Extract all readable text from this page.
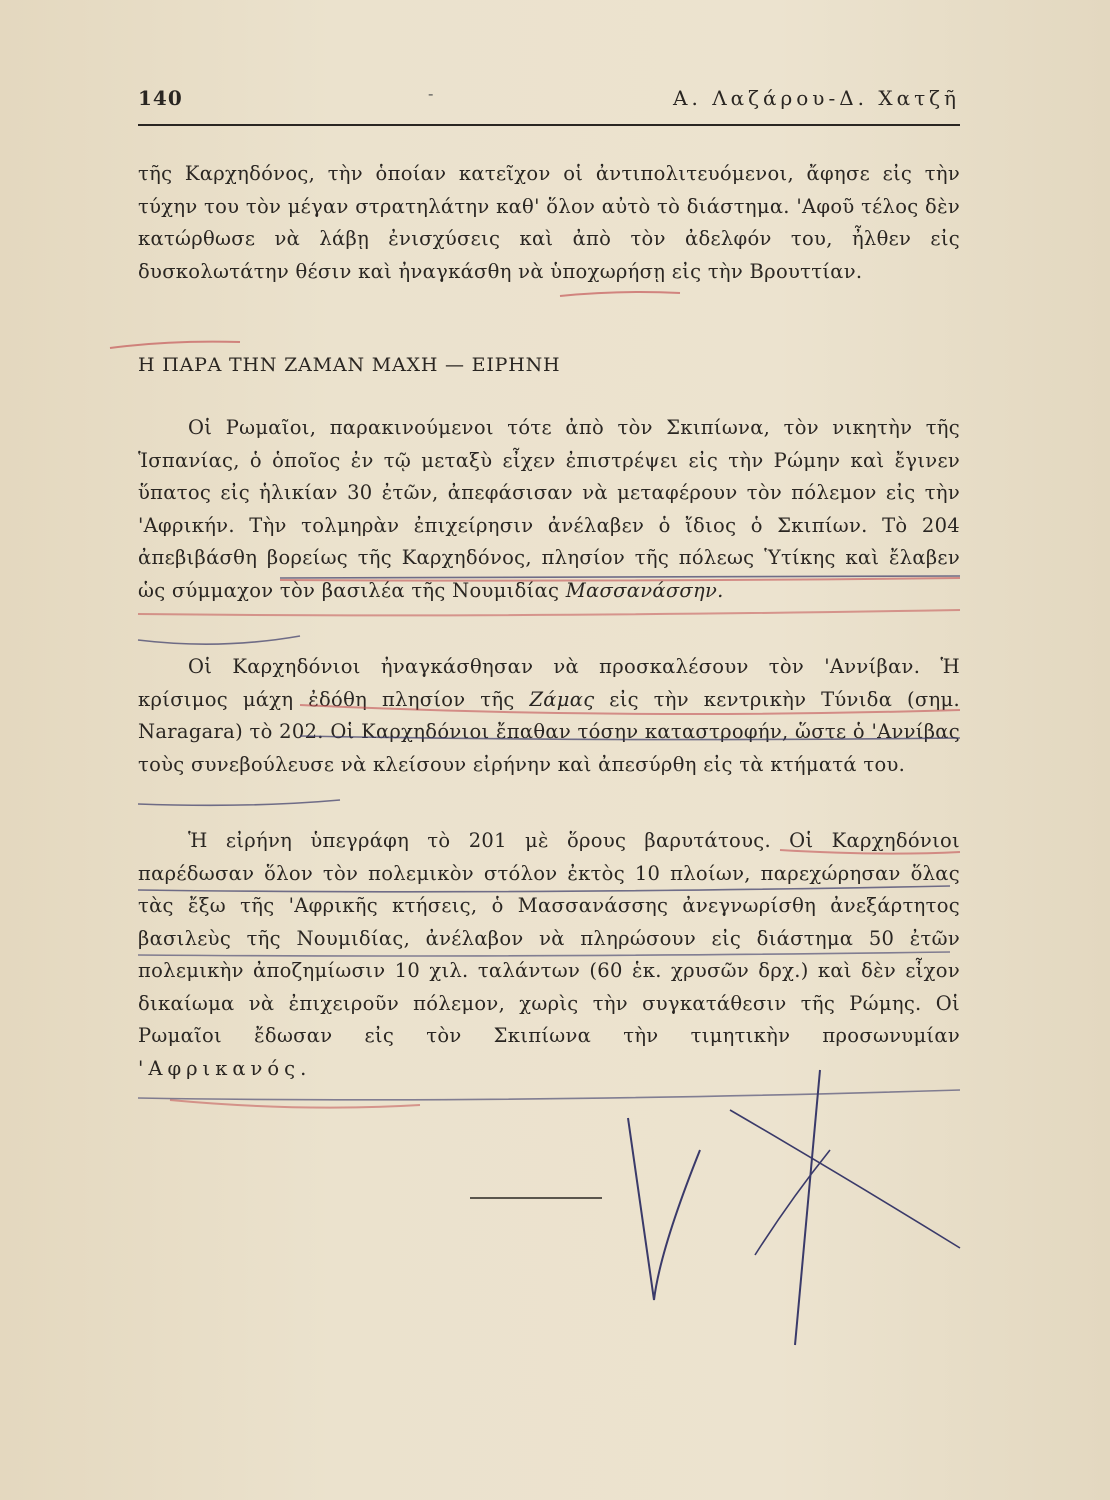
140	-	Α. Λαζάρου-Δ. Χατζῆ

τῆς Καρχηδόνος, τὴν ὁποίαν κατεῖχον οἱ ἀντιπολιτευόμενοι, ἄφησε εἰς τὴν τύχην του τὸν μέγαν στρατηλάτην καθ' ὅλον αὐτὸ τὸ διάστημα. 'Αφοῦ τέλος δὲν κατώρθωσε νὰ λάβῃ ἐνισχύσεις καὶ ἀπὸ τὸν ἀδελφόν του, ἦλθεν εἰς δυσκολωτάτην θέσιν καὶ ἠναγκάσθη νὰ ὑποχωρήσῃ εἰς τὴν Βρουττίαν.

Η ΠΑΡΑ ΤΗΝ ΖΑΜΑΝ ΜΑΧΗ — ΕΙΡΗΝΗ

Οἱ Ρωμαῖοι, παρακινούμενοι τότε ἀπὸ τὸν Σκιπίωνα, τὸν νικητὴν τῆς Ἱσπανίας, ὁ ὁποῖος ἐν τῷ μεταξὺ εἶχεν ἐπιστρέψει εἰς τὴν Ρώμην καὶ ἔγινεν ὕπατος εἰς ἡλικίαν 30 ἐτῶν, ἀπεφάσισαν νὰ μεταφέρουν τὸν πόλεμον εἰς τὴν 'Αφρικήν. Τὴν τολμηρὰν ἐπιχείρησιν ἀνέλαβεν ὁ ἴδιος ὁ Σκιπίων. Τὸ 204 ἀπεβιβάσθη βορείως τῆς Καρχηδόνος, πλησίον τῆς πόλεως Ὑτίκης καὶ ἔλαβεν ὡς σύμμαχον τὸν βασιλέα τῆς Νουμιδίας Μασσανάσσην.

Οἱ Καρχηδόνιοι ἠναγκάσθησαν νὰ προσκαλέσουν τὸν 'Αννίβαν. Ἡ κρίσιμος μάχη ἐδόθη πλησίον τῆς Ζάμας εἰς τὴν κεντρικὴν Τύνιδα (σημ. Naragara) τὸ 202. Οἱ Καρχηδόνιοι ἔπαθαν τόσην καταστροφήν, ὥστε ὁ 'Αννίβας τοὺς συνεβούλευσε νὰ κλείσουν εἰρήνην καὶ ἀπεσύρθη εἰς τὰ κτήματά του.

Ἡ εἰρήνη ὑπεγράφη τὸ 201 μὲ ὅρους βαρυτάτους. Οἱ Καρχηδόνιοι παρέδωσαν ὅλον τὸν πολεμικὸν στόλον ἐκτὸς 10 πλοίων, παρεχώρησαν ὅλας τὰς ἔξω τῆς 'Αφρικῆς κτήσεις, ὁ Μασσανάσσης ἀνεγνωρίσθη ἀνεξάρτητος βασιλεὺς τῆς Νουμιδίας, ἀνέλαβον νὰ πληρώσουν εἰς διάστημα 50 ἐτῶν πολεμικὴν ἀποζημίωσιν 10 χιλ. ταλάντων (60 ἑκ. χρυσῶν δρχ.) καὶ δὲν εἶχον δικαίωμα νὰ ἐπιχειροῦν πόλεμον, χωρὶς τὴν συγκατάθεσιν τῆς Ρώμης. Οἱ Ρωμαῖοι ἔδωσαν εἰς τὸν Σκιπίωνα τὴν τιμητικὴν προσωνυμίαν 'Αφρικανός.
